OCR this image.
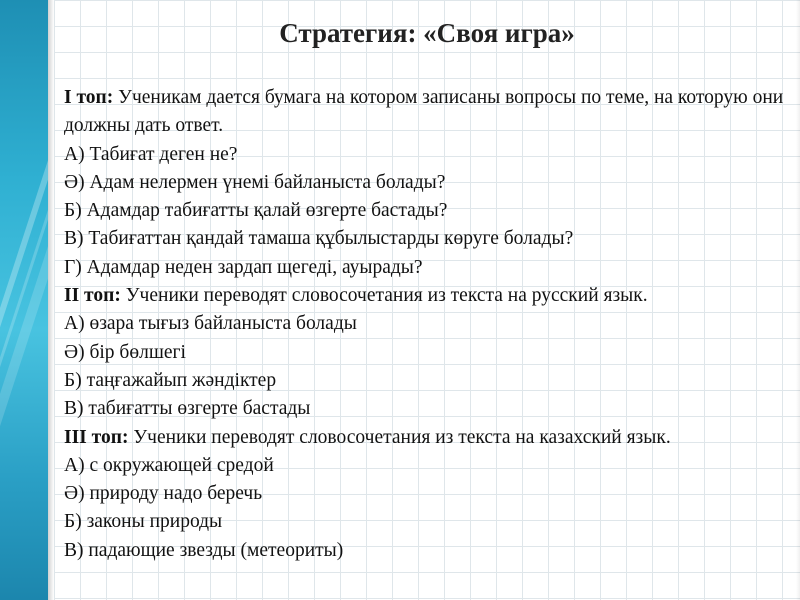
Стратегия: «Своя игра»
I топ: Ученикам дается бумага на котором записаны вопросы по теме, на которую они должны дать ответ.
А) Табиғат деген не?
Ә) Адам нелермен үнемі байланыста болады?
Б) Адамдар табиғатты қалай өзгерте бастады?
В) Табиғаттан қандай тамаша құбылыстарды көруге болады?
Г) Адамдар неден зардап щегеді, ауырады?
II топ: Ученики переводят словосочетания из текста на русский язык.
А) өзара тығыз байланыста болады
Ә) бір бөлшегі
Б) таңғажайып жәндіктер
В) табиғатты өзгерте бастады
III топ: Ученики переводят словосочетания из текста на казахский язык.
А) с окружающей средой
Ә) природу надо беречь
Б) законы природы
В) падающие звезды (метеориты)
